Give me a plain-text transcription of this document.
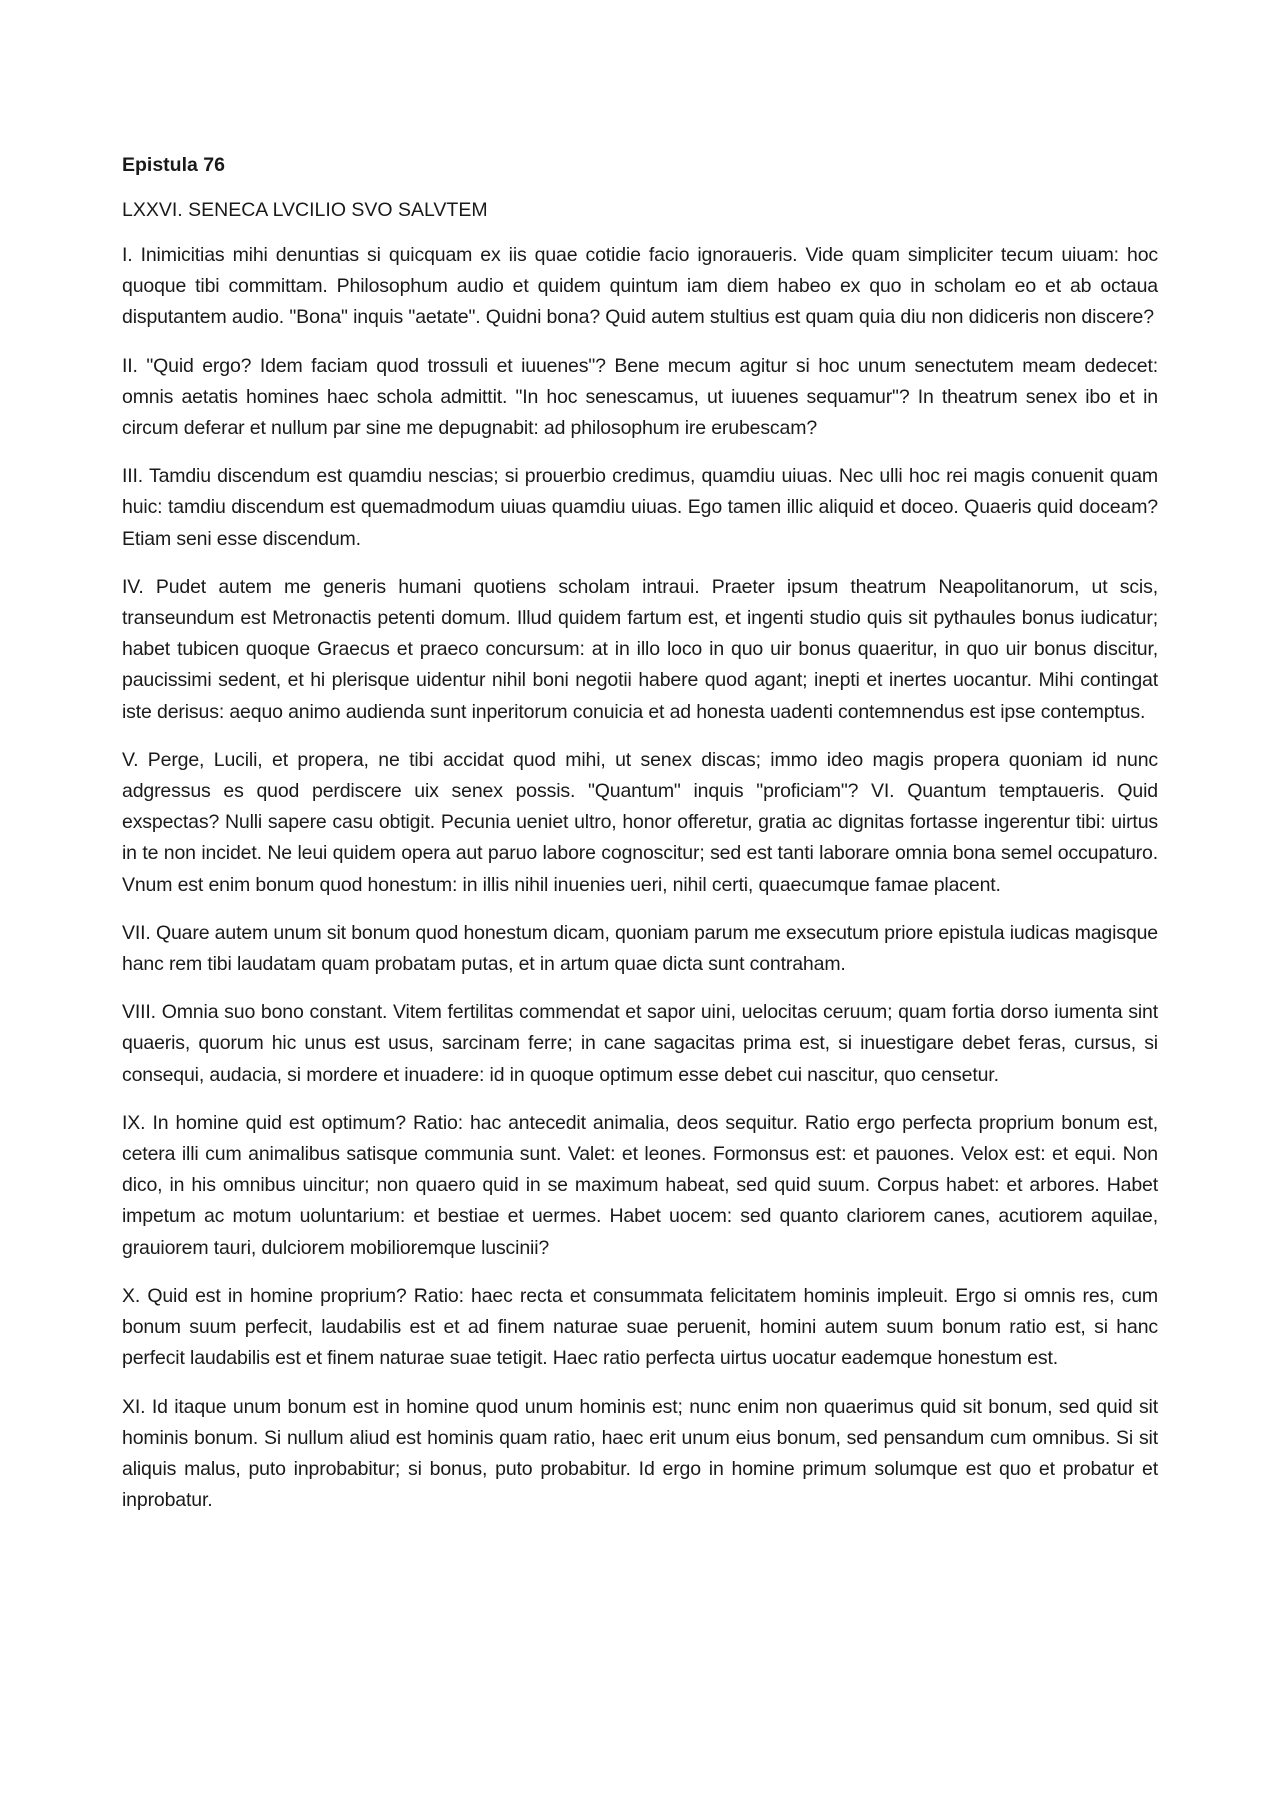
Epistula 76
LXXVI. SENECA LVCILIO SVO SALVTEM

I. Inimicitias mihi denuntias si quicquam ex iis quae cotidie facio ignoraueris. Vide quam simpliciter tecum uiuam: hoc quoque tibi committam. Philosophum audio et quidem quintum iam diem habeo ex quo in scholam eo et ab octaua disputantem audio. "Bona" inquis "aetate". Quidni bona? Quid autem stultius est quam quia diu non didiceris non discere?

II. "Quid ergo? Idem faciam quod trossuli et iuuenes"? Bene mecum agitur si hoc unum senectutem meam dedecet: omnis aetatis homines haec schola admittit. "In hoc senescamus, ut iuuenes sequamur"? In theatrum senex ibo et in circum deferar et nullum par sine me depugnabit: ad philosophum ire erubescam?

III. Tamdiu discendum est quamdiu nescias; si prouerbio credimus, quamdiu uiuas. Nec ulli hoc rei magis conuenit quam huic: tamdiu discendum est quemadmodum uiuas quamdiu uiuas. Ego tamen illic aliquid et doceo. Quaeris quid doceam? Etiam seni esse discendum.

IV. Pudet autem me generis humani quotiens scholam intraui. Praeter ipsum theatrum Neapolitanorum, ut scis, transeundum est Metronactis petenti domum. Illud quidem fartum est, et ingenti studio quis sit pythaules bonus iudicatur; habet tubicen quoque Graecus et praeco concursum: at in illo loco in quo uir bonus quaeritur, in quo uir bonus discitur, paucissimi sedent, et hi plerisque uidentur nihil boni negotii habere quod agant; inepti et inertes uocantur. Mihi contingat iste derisus: aequo animo audienda sunt inperitorum conuicia et ad honesta uadenti contemnendus est ipse contemptus.

V. Perge, Lucili, et propera, ne tibi accidat quod mihi, ut senex discas; immo ideo magis propera quoniam id nunc adgressus es quod perdiscere uix senex possis. "Quantum" inquis "proficiam"? VI. Quantum temptaueris. Quid exspectas? Nulli sapere casu obtigit. Pecunia ueniet ultro, honor offeretur, gratia ac dignitas fortasse ingerentur tibi: uirtus in te non incidet. Ne leui quidem opera aut paruo labore cognoscitur; sed est tanti laborare omnia bona semel occupaturo. Vnum est enim bonum quod honestum: in illis nihil inuenies ueri, nihil certi, quaecumque famae placent.

VII. Quare autem unum sit bonum quod honestum dicam, quoniam parum me exsecutum priore epistula iudicas magisque hanc rem tibi laudatam quam probatam putas, et in artum quae dicta sunt contraham.

VIII. Omnia suo bono constant. Vitem fertilitas commendat et sapor uini, uelocitas ceruum; quam fortia dorso iumenta sint quaeris, quorum hic unus est usus, sarcinam ferre; in cane sagacitas prima est, si inuestigare debet feras, cursus, si consequi, audacia, si mordere et inuadere: id in quoque optimum esse debet cui nascitur, quo censetur.

IX. In homine quid est optimum? Ratio: hac antecedit animalia, deos sequitur. Ratio ergo perfecta proprium bonum est, cetera illi cum animalibus satisque communia sunt. Valet: et leones. Formonsus est: et pauones. Velox est: et equi. Non dico, in his omnibus uincitur; non quaero quid in se maximum habeat, sed quid suum. Corpus habet: et arbores. Habet impetum ac motum uoluntarium: et bestiae et uermes. Habet uocem: sed quanto clariorem canes, acutiorem aquilae, grauiorem tauri, dulciorem mobilioremque luscinii?

X. Quid est in homine proprium? Ratio: haec recta et consummata felicitatem hominis impleuit. Ergo si omnis res, cum bonum suum perfecit, laudabilis est et ad finem naturae suae peruenit, homini autem suum bonum ratio est, si hanc perfecit laudabilis est et finem naturae suae tetigit. Haec ratio perfecta uirtus uocatur eademque honestum est.

XI. Id itaque unum bonum est in homine quod unum hominis est; nunc enim non quaerimus quid sit bonum, sed quid sit hominis bonum. Si nullum aliud est hominis quam ratio, haec erit unum eius bonum, sed pensandum cum omnibus. Si sit aliquis malus, puto inprobabitur; si bonus, puto probabitur. Id ergo in homine primum solumque est quo et probatur et inprobatur.
